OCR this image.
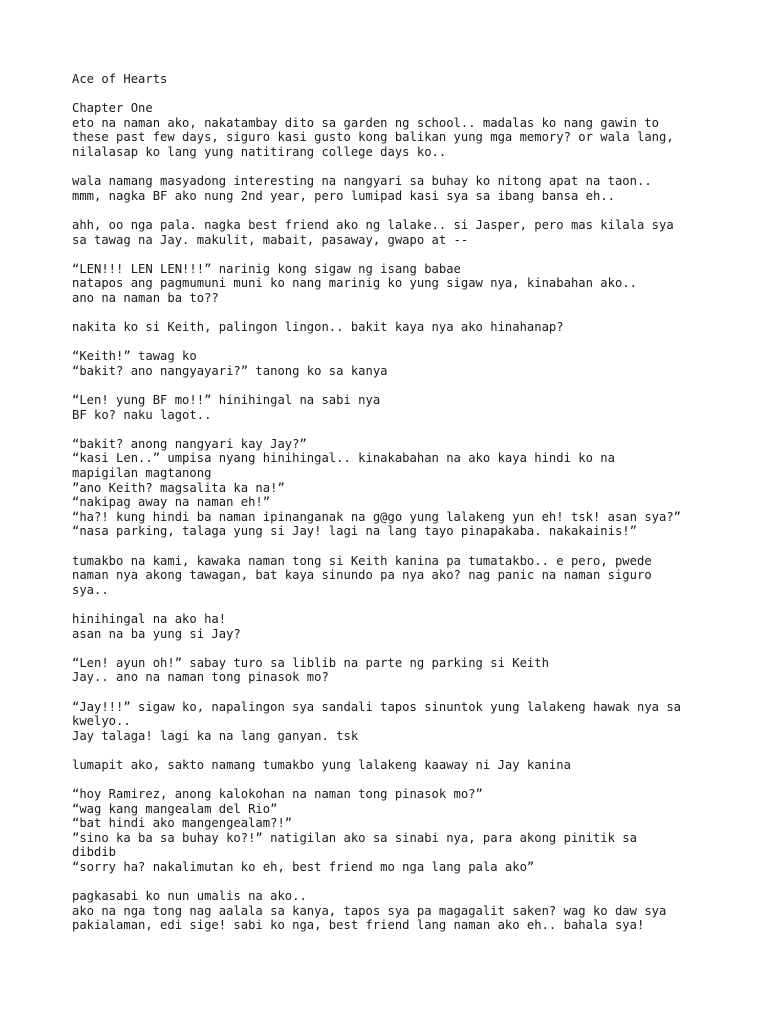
Ace of Hearts
Chapter One
eto na naman ako, nakatambay dito sa garden ng school.. madalas ko nang gawin to
these past few days, siguro kasi gusto kong balikan yung mga memory? or wala lang,
nilalasap ko lang yung natitirang college days ko..
wala namang masyadong interesting na nangyari sa buhay ko nitong apat na taon..
mmm, nagka BF ako nung 2nd year, pero lumipad kasi sya sa ibang bansa eh..
ahh, oo nga pala. nagka best friend ako ng lalake.. si Jasper, pero mas kilala sya
sa tawag na Jay. makulit, mabait, pasaway, gwapo at --
“LEN!!! LEN LEN!!!” narinig kong sigaw ng isang babae
natapos ang pagmumuni muni ko nang marinig ko yung sigaw nya, kinabahan ako..
ano na naman ba to??
nakita ko si Keith, palingon lingon.. bakit kaya nya ako hinahanap?
“Keith!” tawag ko
“bakit? ano nangyayari?” tanong ko sa kanya
“Len! yung BF mo!!” hinihingal na sabi nya
BF ko? naku lagot..
“bakit? anong nangyari kay Jay?”
“kasi Len..” umpisa nyang hinihingal.. kinakabahan na ako kaya hindi ko na
mapigilan magtanong
”ano Keith? magsalita ka na!”
“nakipag away na naman eh!”
“ha?! kung hindi ba naman ipinanganak na g@go yung lalakeng yun eh! tsk! asan sya?”
“nasa parking, talaga yung si Jay! lagi na lang tayo pinapakaba. nakakainis!”
tumakbo na kami, kawaka naman tong si Keith kanina pa tumatakbo.. e pero, pwede
naman nya akong tawagan, bat kaya sinundo pa nya ako? nag panic na naman siguro
sya..
hinihingal na ako ha!
asan na ba yung si Jay?
“Len! ayun oh!” sabay turo sa liblib na parte ng parking si Keith
Jay.. ano na naman tong pinasok mo?
“Jay!!!” sigaw ko, napalingon sya sandali tapos sinuntok yung lalakeng hawak nya sa
kwelyo..
Jay talaga! lagi ka na lang ganyan. tsk
lumapit ako, sakto namang tumakbo yung lalakeng kaaway ni Jay kanina
“hoy Ramirez, anong kalokohan na naman tong pinasok mo?”
“wag kang mangealam del Rio”
“bat hindi ako mangengealam?!”
”sino ka ba sa buhay ko?!” natigilan ako sa sinabi nya, para akong pinitik sa
dibdib
“sorry ha? nakalimutan ko eh, best friend mo nga lang pala ako”
pagkasabi ko nun umalis na ako..
ako na nga tong nag aalala sa kanya, tapos sya pa magagalit saken? wag ko daw sya
pakialaman, edi sige! sabi ko nga, best friend lang naman ako eh.. bahala sya!
